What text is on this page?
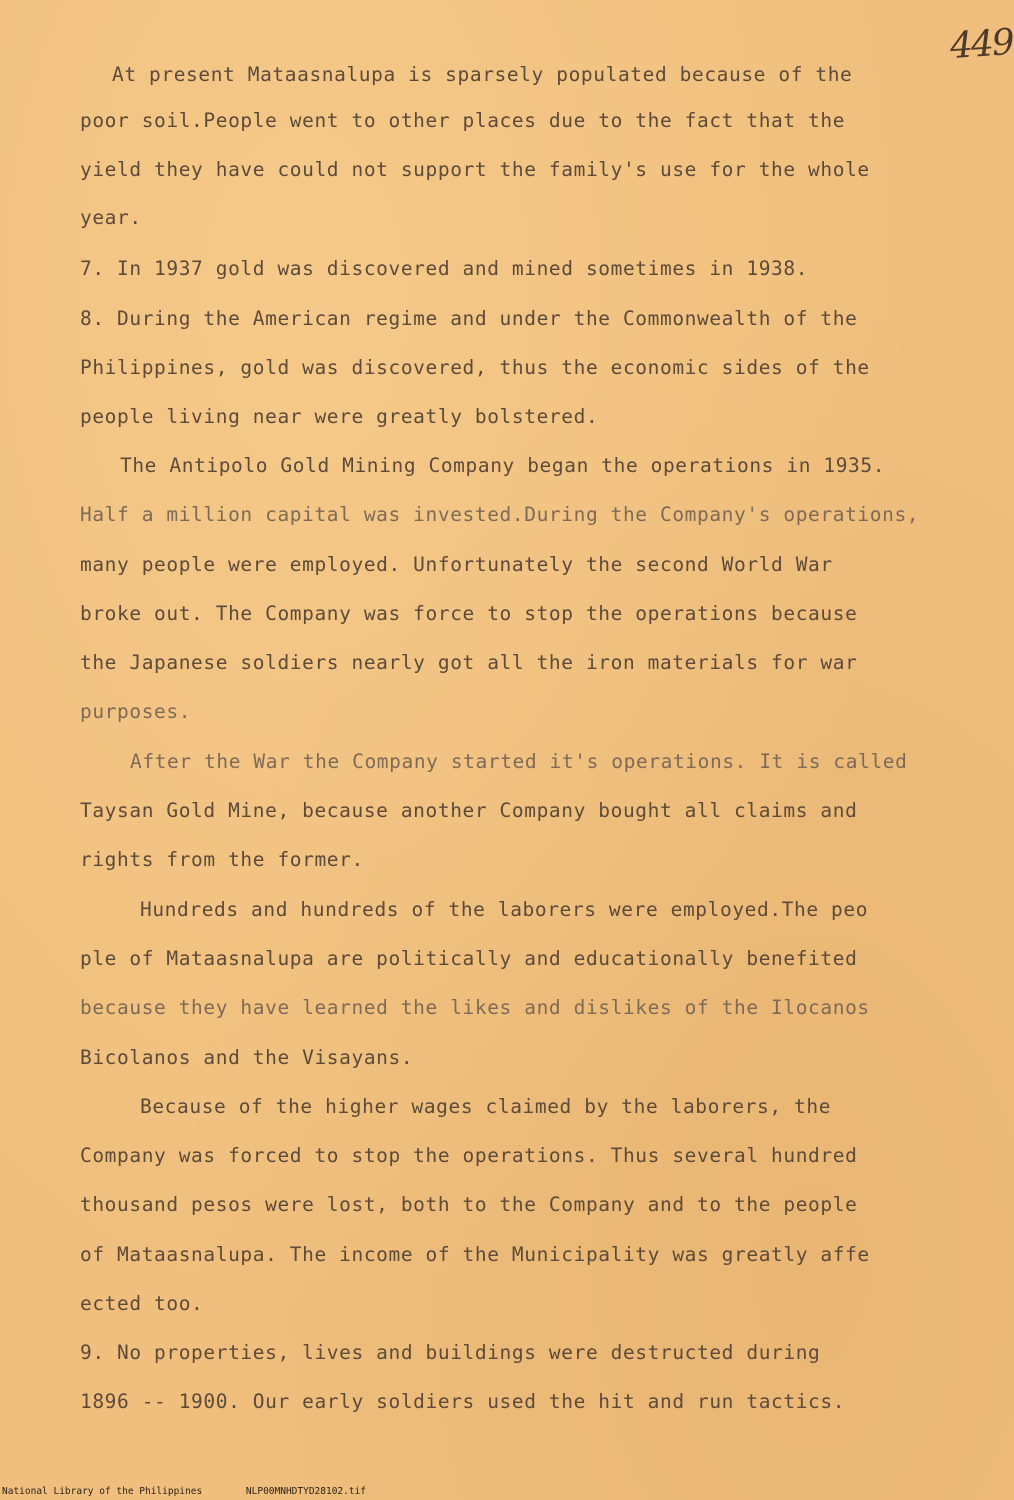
449
At present Mataasnalupa is sparsely populated because of the
poor soil.People went to other places due to the fact that the
yield they have could not support the family's use for the whole
year.
7. In 1937 gold was discovered and mined sometimes in 1938.
8. During the American regime and under the Commonwealth of the
Philippines, gold was discovered, thus the economic sides of the
people living near were greatly bolstered.
The Antipolo Gold Mining Company began the operations in 1935.
Half a million capital was invested.During the Company's operations,
many people were employed. Unfortunately the second World War
broke out. The Company was force to stop the operations because
the Japanese soldiers nearly got all the iron materials for war
purposes.
After the War the Company started it's operations. It is called
Taysan Gold Mine, because another Company bought all claims and
rights from the former.
Hundreds and hundreds of the laborers were employed.The peo
ple of Mataasnalupa are politically and educationally benefited
because they have learned the likes and dislikes of the Ilocanos
Bicolanos and the Visayans.
Because of the higher wages claimed by the laborers, the
Company was forced to stop the operations. Thus several hundred
thousand pesos were lost, both to the Company and to the people
of Mataasnalupa. The income of the Municipality was greatly affe
ected too.
9. No properties, lives and buildings were destructed during
1896 -- 1900. Our early soldiers used the hit and run tactics.
National Library of the Philippines	NLP00MNHDTYD28102.tif
